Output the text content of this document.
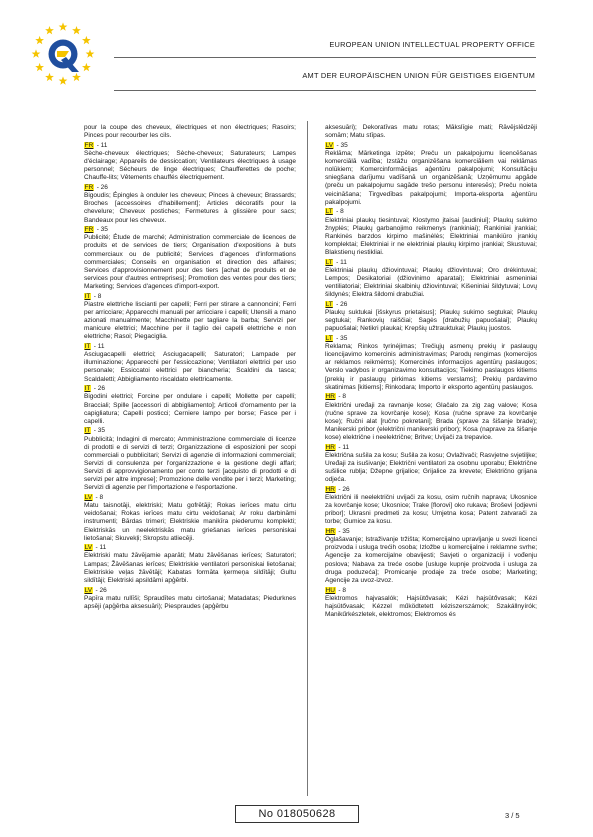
EUROPEAN UNION INTELLECTUAL PROPERTY OFFICE
AMT DER EUROPÄISCHEN UNION FÜR GEISTIGES EIGENTUM

pour la coupe des cheveux, électriques et non électriques; Rasoirs; Pinces pour recourber les cils.

FR - 11

Sèche-cheveux électriques; Sèche-cheveux; Saturateurs; Lampes d'éclairage; Appareils de dessiccation; Ventilateurs électriques à usage personnel; Sécheurs de linge électriques; Chaufferettes de poche; Chauffe-lits; Vêtements chauffés électriquement.

FR - 26

Bigoudis; Épingles à onduler les cheveux; Pinces à cheveux; Brassards; Broches [accessoires d'habillement]; Articles décoratifs pour la chevelure; Cheveux postiches; Fermetures à glissière pour sacs; Bandeaux pour les cheveux.

FR - 35

Publicité; Étude de marché; Administration commerciale de licences de produits et de services de tiers; Organisation d'expositions à buts commerciaux ou de publicité; Services d'agences d'informations commerciales; Conseils en organisation et direction des affaires; Services d'approvisionnement pour des tiers [achat de produits et de services pour d'autres entreprises]; Promotion des ventes pour des tiers; Marketing; Services d'agences d'import-export.

IT - 8

Piastre elettriche liscianti per capelli; Ferri per stirare a cannoncini; Ferri per arricciare; Apparecchi manuali per arricciare i capelli; Utensili a mano azionati manualmente; Macchinette per tagliare la barba; Servizi per manicure elettrici; Macchine per il taglio dei capelli elettriche e non elettriche; Rasoi; Piegaciglia.

IT - 11

Asciugacapelli elettrici; Asciugacapelli; Saturatori; Lampade per illuminazione; Apparecchi per l'essiccazione; Ventilatori elettrici per uso personale; Essiccatoi elettrici per biancheria; Scaldini da tasca; Scaldaletti; Abbigliamento riscaldato elettricamente.

IT - 26

Bigodini elettrici; Forcine per ondulare i capelli; Mollette per capelli; Bracciali; Spille [accessori di abbigliamento]; Articoli d'ornamento per la capigliatura; Capelli posticci; Cerniere lampo per borse; Fasce per i capelli.

IT - 35

Pubblicità; Indagini di mercato; Amministrazione commerciale di licenze di prodotti e di servizi di terzi; Organizzazione di esposizioni per scopi commerciali o pubblicitari; Servizi di agenzie di informazioni commerciali; Servizi di consulenza per l'organizzazione e la gestione degli affari; Servizi di approvvigionamento per conto terzi [acquisto di prodotti e di servizi per altre imprese]; Promozione delle vendite per i terzi; Marketing; Servizi di agenzie per l'importazione e l'esportazione.

LV - 8

Matu taisnotāji, elektriski; Matu gofrētāji; Rokas ierīces matu cirtu veidošanai; Rokas ierīces matu cirtu veidošanai; Ar roku darbināmi instrumenti; Bārdas trimeri; Elektriskie manikīra piederumu komplekti; Elektriskās un neelektriskās matu griešanas ierīces personiskai lietošanai; Skuvekļi; Skropstu atliecēji.

LV - 11

Elektriski matu žāvējamie aparāti; Matu žāvēšanas ierīces; Saturatori; Lampas; Žāvēšanas ierīces; Elektriskie ventilatori personiskai lietošanai; Elektriskie veļas žāvētāji; Kabatas formāta ķermeņa sildītāji; Gultu sildītāji; Elektriski apsildāmi apģērbi.

LV - 26

Papīra matu rullīši; Spraudītes matu cirtošanai; Matadatas; Piedurknes apsēji (apģērba aksesuāri); Piespraudes (apģērbu

aksesuāri); Dekoratīvas matu rotas; Mākslīgie mati; Rāvējslēdzēji somām; Matu stīpas.

LV - 35

Reklāma; Mārketinga izpēte; Preču un pakalpojumu licencēšanas komerciālā vadība; Izstāžu organizēšana komerciāliem vai reklāmas nolūkiem; Komercinformācijas aģentūru pakalpojumi; Konsultāciju sniegšana darījumu vadīšanā un organizēšanā; Uzņēmumu apgāde (preču un pakalpojumu sagāde trešo personu interesēs); Preču noieta veicināšana; Tirgvedības pakalpojumi; Importa-eksporta aģentūru pakalpojumi.

LT - 8

Elektriniai plaukų tiesintuvai; Klostymo įtaisai [audiniui]; Plaukų sukimo žnyplės; Plaukų garbanojimo reikmenys (rankiniai); Rankiniai įrankiai; Rankinės barzdos kirpimo mašinėlės; Elektriniai manikiūro įrankių komplektai; Elektriniai ir ne elektriniai plaukų kirpimo įrankiai; Skustuvai; Blakstienų riestikliai.

LT - 11

Elektriniai plaukų džiovintuvai; Plaukų džiovintuvai; Oro drėkintuvai; Lempos; Desikatoriai (džiovinimo aparatai); Elektriniai asmeniniai ventiliatoriai; Elektriniai skalbinių džiovintuvai; Kišeniniai šildytuvai; Lovų šildynės; Elektra šildomi drabužiai.

LT - 26

Plaukų suktukai [išskyrus prietaisus]; Plaukų sukimo segtukai; Plaukų segtukai; Rankovių raiščiai; Sagės [drabužių papuošalai]; Plaukų papuošalai; Netikri plaukai; Krepšių užtrauktukai; Plaukų juostos.

LT - 35

Reklama; Rinkos tyrinėjimas; Trečiųjų asmenų prekių ir paslaugų licencijavimo komercinis administravimas; Parodų rengimas (komercijos ar reklamos reikmėms); Komercinės informacijos agentūrų paslaugos; Verslo vadybos ir organizavimo konsultacijos; Tiekimo paslaugos kitiems [prekių ir paslaugų pirkimas kitiems verslams]; Prekių pardavimo skatinimas [kitiems]; Rinkodara; Importo ir eksporto agentūrų paslaugos.

HR - 8

Električni uređaji za ravnanje kose; Glačalo za zig zag valove; Kosa (ručne sprave za kovrčanje kose); Kosa (ručne sprave za kovrčanje kose); Ručni alat [ručno pokretani]; Brada (sprave za šišanje brade); Manikerski pribor (električni manikerski pribor); Kosa (naprave za šišanje kose) električne i neelektrične; Britve; Uvijači za trepavice.

HR - 11

Električna sušila za kosu; Sušila za kosu; Ovlaživači; Rasvjetne svjetiljke; Uređaji za isušivanje; Električni ventilatori za osobnu uporabu; Električne sušilice rublja; Džepne grijalice; Grijalice za krevete; Električno grijana odjeća.

HR - 26

Električni ili neelektrični uvijači za kosu, osim ručnih naprava; Ukosnice za kovrčanje kose; Ukosnice; Trake [florovi] oko rukava; Broševi [odjevni pribor]; Ukrasni predmeti za kosu; Umjetna kosa; Patent zatvarači za torbe; Gumice za kosu.

HR - 35

Oglašavanje; Istraživanje tržišta; Komercijalno upravljanje u svezi licenci proizvoda i usluga trećih osoba; Izložbe u komercijalne i reklamne svrhe; Agencije za komercijalne obavijesti; Savjeti o organizaciji i vođenju poslova; Nabava za treće osobe [usluge kupnje proizvoda i usluga za druga poduzeća]; Promicanje prodaje za treće osobe; Marketing; Agencije za uvoz-izvoz.

HU - 8

Elektromos hajvasalók; Hajsütővasak; Kézi hajsütővasak; Kézi hajsütővasak; Kézzel működtetett kéziszerszámok; Szakállnyírók; Manikűrkészletek, elektromos; Elektromos és

No 018050628	3 / 5
